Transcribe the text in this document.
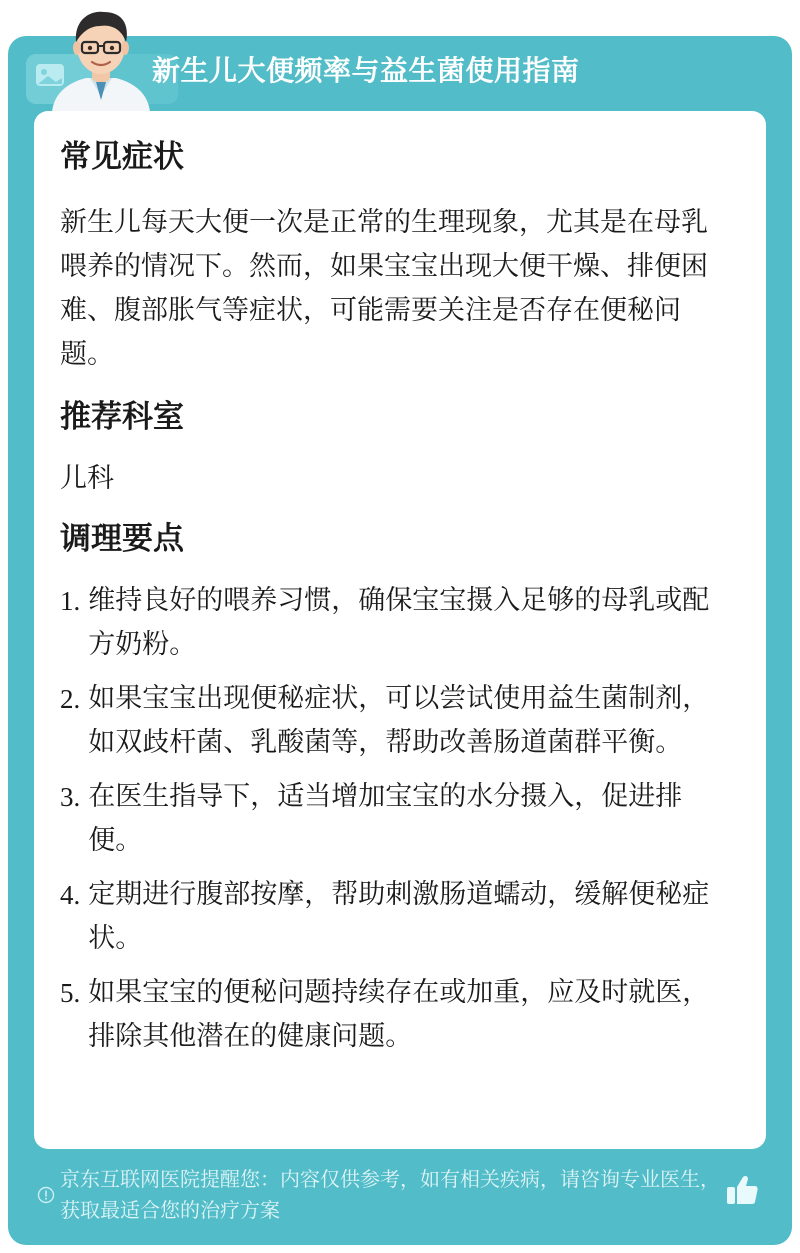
新生儿大便频率与益生菌使用指南
常见症状

新生儿每天大便一次是正常的生理现象，尤其是在母乳喂养的情况下。然而，如果宝宝出现大便干燥、排便困难、腹部胀气等症状，可能需要关注是否存在便秘问题。

推荐科室

儿科

调理要点
1. 维持良好的喂养习惯，确保宝宝摄入足够的母乳或配方奶粉。
2. 如果宝宝出现便秘症状，可以尝试使用益生菌制剂，如双歧杆菌、乳酸菌等，帮助改善肠道菌群平衡。
3. 在医生指导下，适当增加宝宝的水分摄入，促进排便。
4. 定期进行腹部按摩，帮助刺激肠道蠕动，缓解便秘症状。
5. 如果宝宝的便秘问题持续存在或加重，应及时就医，排除其他潜在的健康问题。
京东互联网医院提醒您：内容仅供参考，如有相关疾病，请咨询专业医生，获取最适合您的治疗方案
